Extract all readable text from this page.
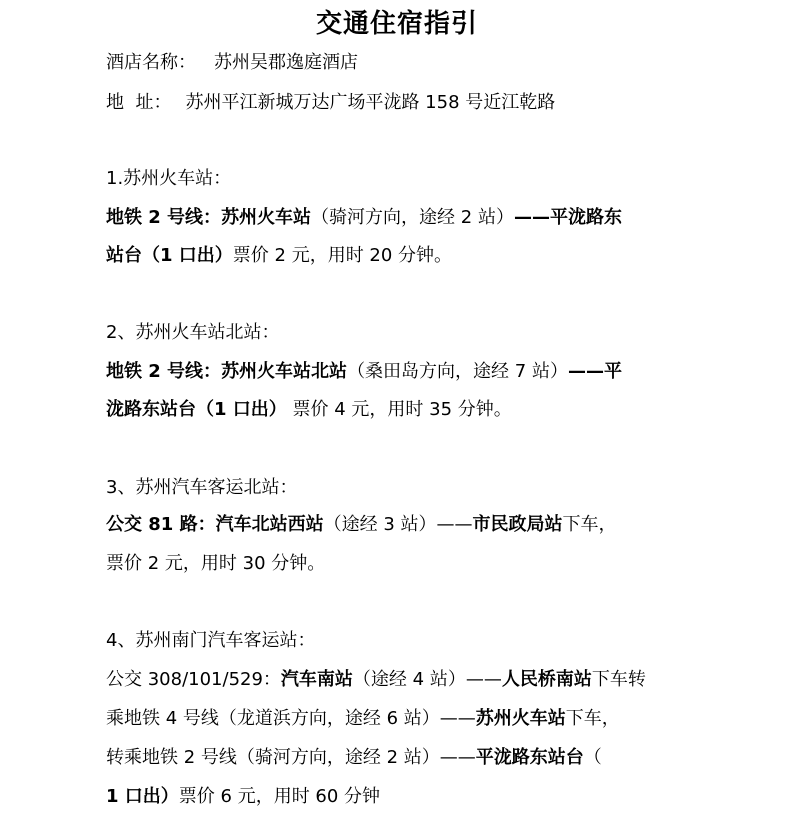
交通住宿指引
酒店名称： 苏州吴郡逸庭酒店
地  址： 苏州平江新城万达广场平泷路 158 号近江乾路
1.苏州火车站：
地铁 2 号线：苏州火车站（骑河方向，途经 2 站）——平泷路东
站台（1 口出）票价 2 元，用时 20 分钟。
2、苏州火车站北站：
地铁 2 号线：苏州火车站北站（桑田岛方向，途经 7 站）——平
泷路东站台（1 口出） 票价 4 元，用时 35 分钟。
3、苏州汽车客运北站：
公交 81 路：汽车北站西站（途经 3 站）——市民政局站下车，
票价 2 元，用时 30 分钟。
4、苏州南门汽车客运站：
公交 308/101/529：汽车南站（途经 4 站）——人民桥南站下车转
乘地铁 4 号线（龙道浜方向，途经 6 站）——苏州火车站下车，
转乘地铁 2 号线（骑河方向，途经 2 站）——平泷路东站台（
1 口出）票价 6 元，用时 60 分钟
